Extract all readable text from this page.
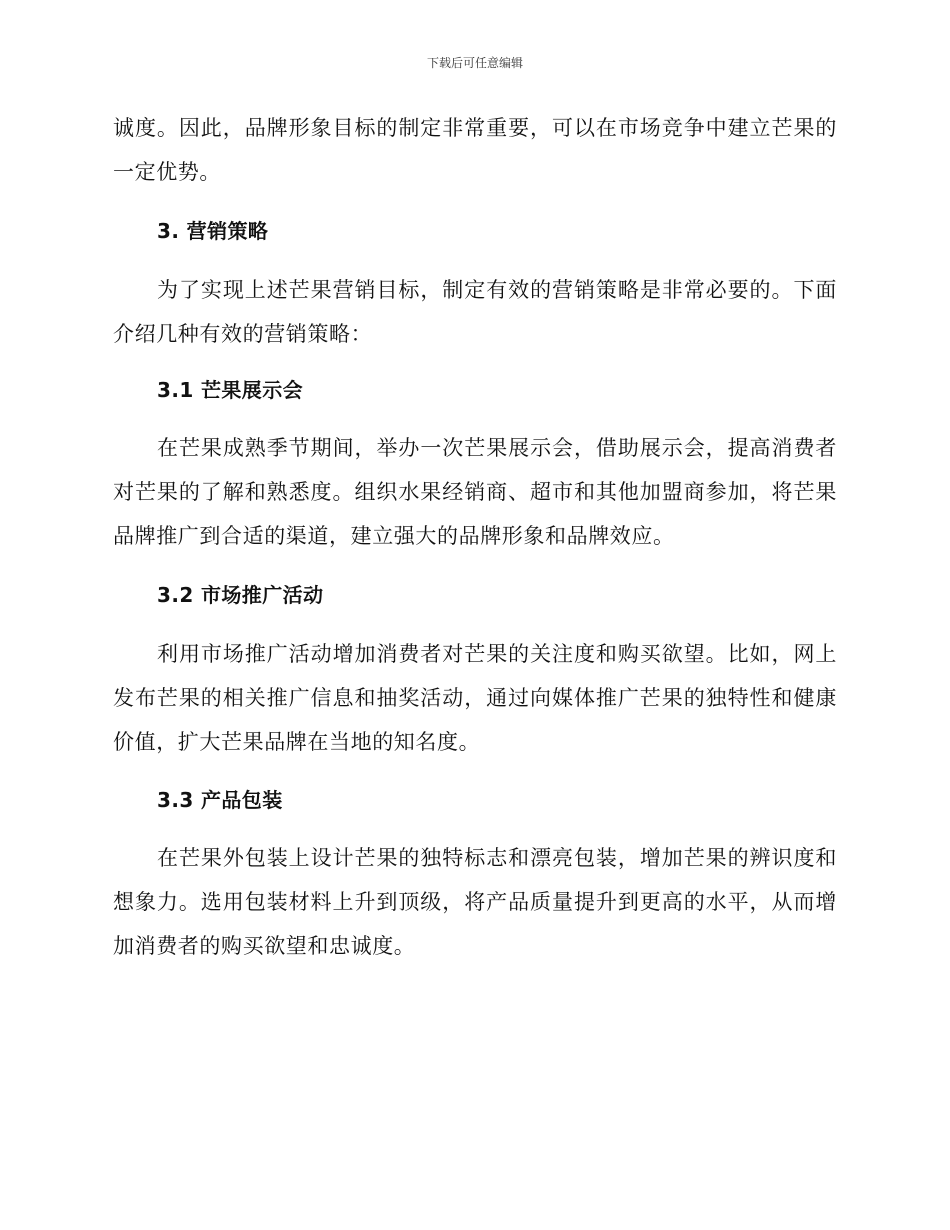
下载后可任意编辑

诚度。因此，品牌形象目标的制定非常重要，可以在市场竞争中建立芒果的一定优势。

3. 营销策略

为了实现上述芒果营销目标，制定有效的营销策略是非常必要的。下面介绍几种有效的营销策略：

3.1 芒果展示会

在芒果成熟季节期间，举办一次芒果展示会，借助展示会，提高消费者对芒果的了解和熟悉度。组织水果经销商、超市和其他加盟商参加，将芒果品牌推广到合适的渠道，建立强大的品牌形象和品牌效应。

3.2 市场推广活动

利用市场推广活动增加消费者对芒果的关注度和购买欲望。比如，网上发布芒果的相关推广信息和抽奖活动，通过向媒体推广芒果的独特性和健康价值，扩大芒果品牌在当地的知名度。

3.3 产品包装

在芒果外包装上设计芒果的独特标志和漂亮包装，增加芒果的辨识度和想象力。选用包装材料上升到顶级，将产品质量提升到更高的水平，从而增加消费者的购买欲望和忠诚度。
